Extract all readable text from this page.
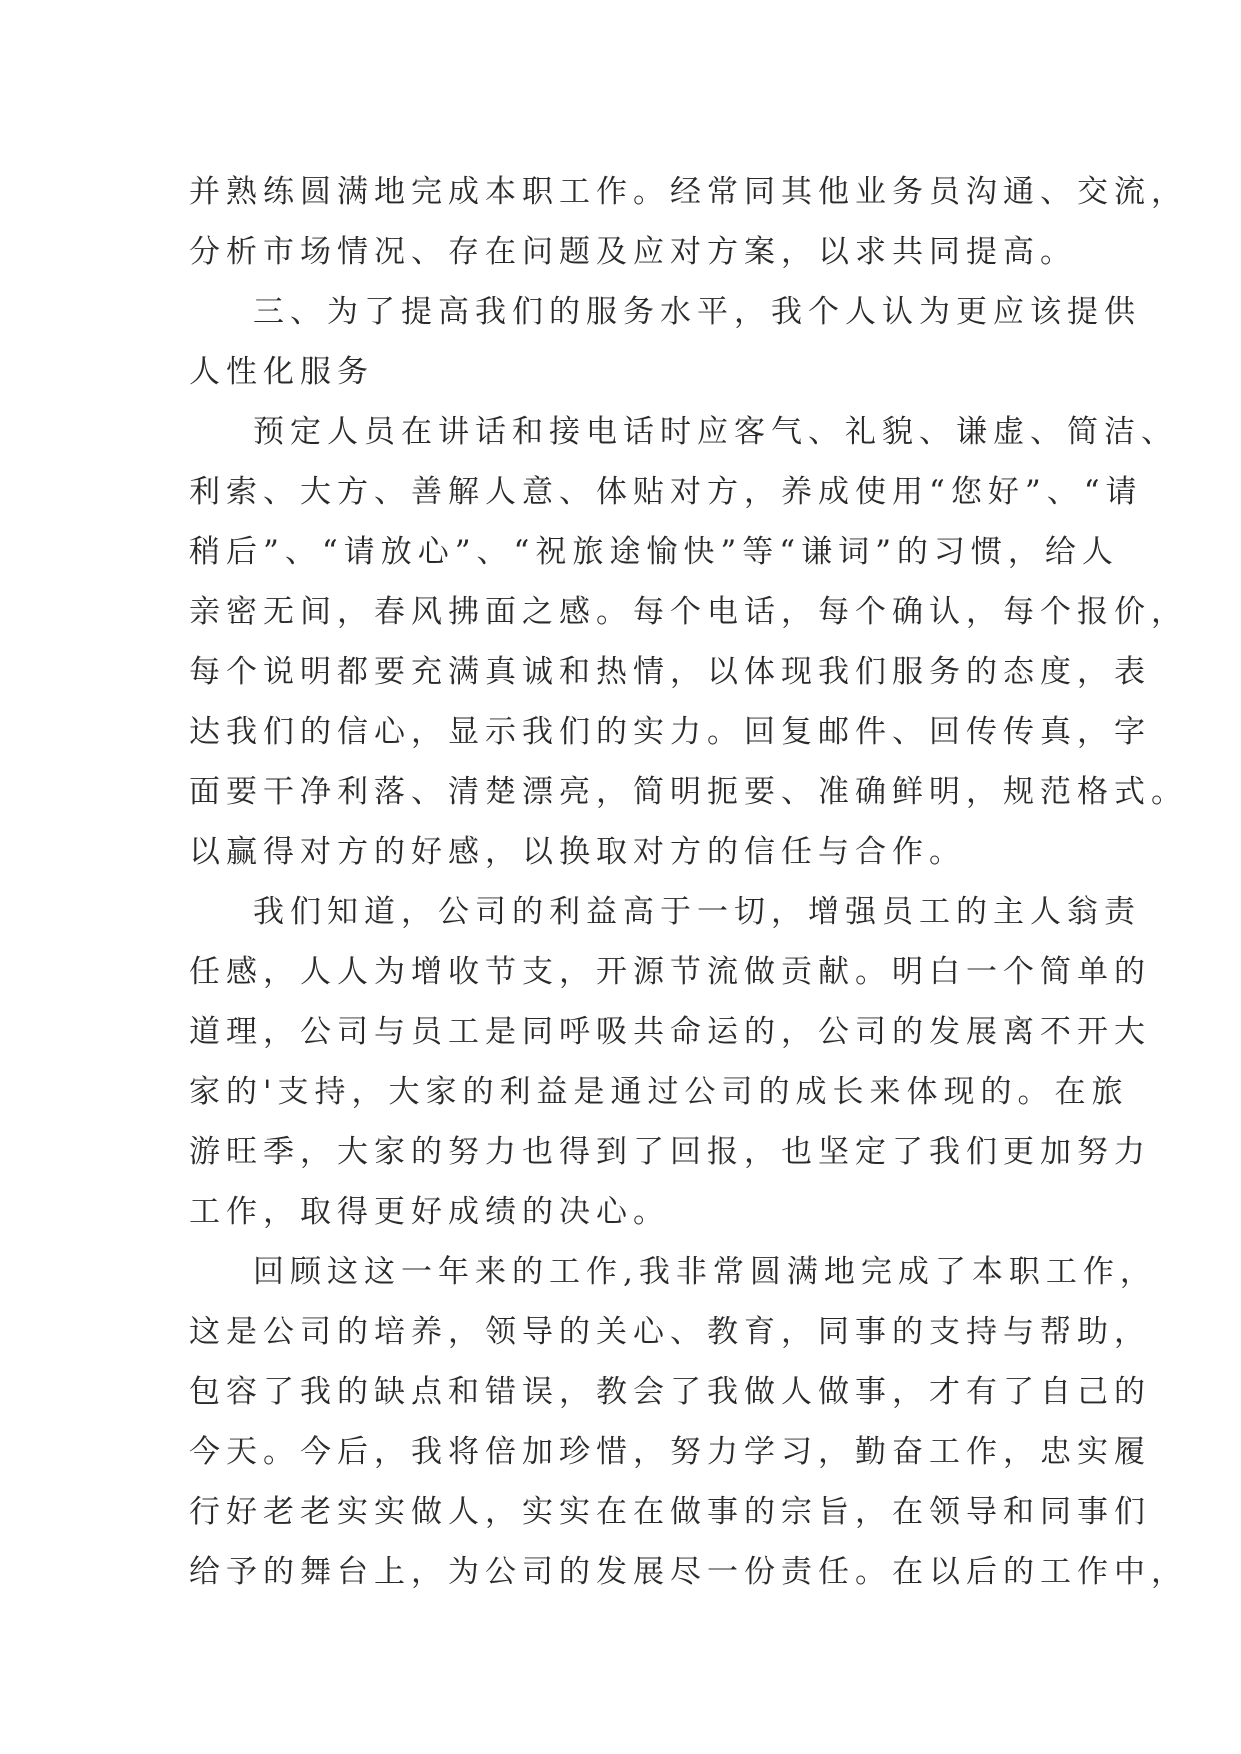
并熟练圆满地完成本职工作。经常同其他业务员沟通、交流，
分析市场情况、存在问题及应对方案，以求共同提高。
三、为了提高我们的服务水平，我个人认为更应该提供
人性化服务
预定人员在讲话和接电话时应客气、礼貌、谦虚、简洁、
利索、大方、善解人意、体贴对方，养成使用“您好”、“请
稍后”、“请放心”、“祝旅途愉快”等“谦词”的习惯，给人
亲密无间，春风拂面之感。每个电话，每个确认，每个报价，
每个说明都要充满真诚和热情，以体现我们服务的态度，表
达我们的信心，显示我们的实力。回复邮件、回传传真，字
面要干净利落、清楚漂亮，简明扼要、准确鲜明，规范格式。
以赢得对方的好感，以换取对方的信任与合作。
我们知道，公司的利益高于一切，增强员工的主人翁责
任感，人人为增收节支，开源节流做贡献。明白一个简单的
道理，公司与员工是同呼吸共命运的，公司的发展离不开大
家的'支持，大家的利益是通过公司的成长来体现的。在旅
游旺季，大家的努力也得到了回报，也坚定了我们更加努力
工作，取得更好成绩的决心。
回顾这这一年来的工作,我非常圆满地完成了本职工作，
这是公司的培养，领导的关心、教育，同事的支持与帮助，
包容了我的缺点和错误，教会了我做人做事，才有了自己的
今天。今后，我将倍加珍惜，努力学习，勤奋工作，忠实履
行好老老实实做人，实实在在做事的宗旨，在领导和同事们
给予的舞台上，为公司的发展尽一份责任。在以后的工作中，
